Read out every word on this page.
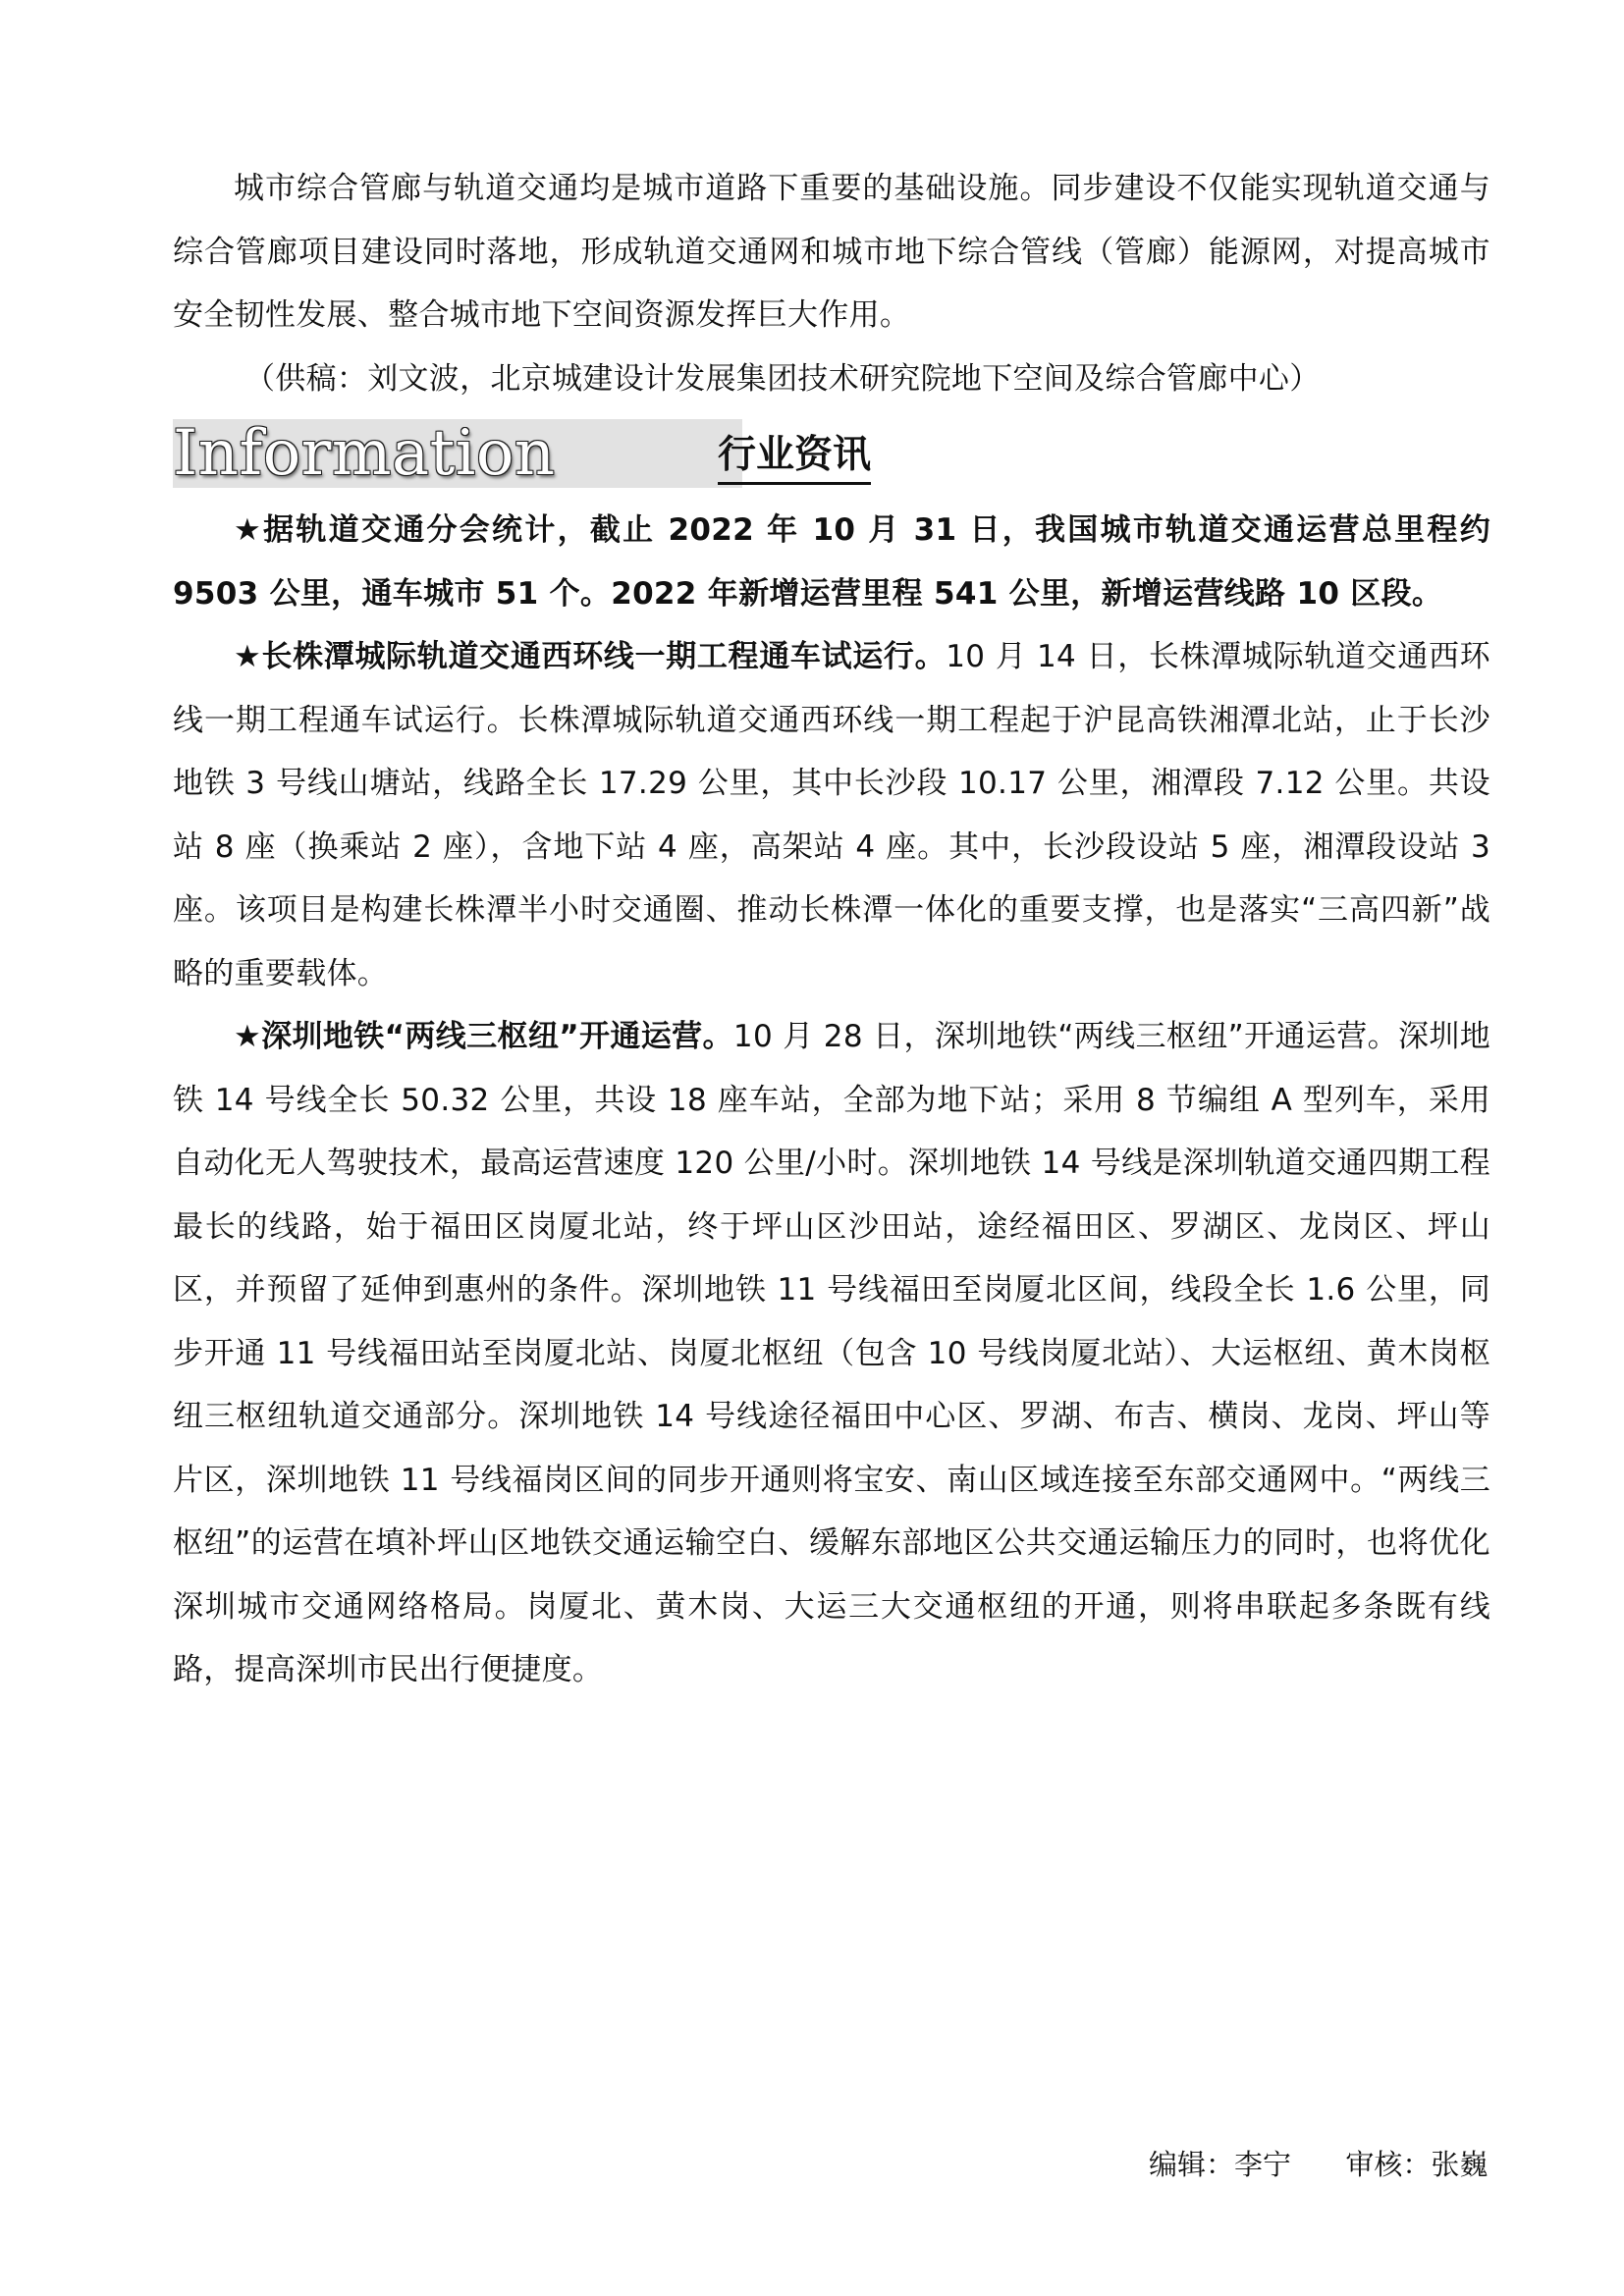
城市综合管廊与轨道交通均是城市道路下重要的基础设施。同步建设不仅能实现轨道交通与综合管廊项目建设同时落地，形成轨道交通网和城市地下综合管线（管廊）能源网，对提高城市安全韧性发展、整合城市地下空间资源发挥巨大作用。

（供稿：刘文波，北京城建设计发展集团技术研究院地下空间及综合管廊中心）

Information	行业资讯

★据轨道交通分会统计，截止 2022 年 10 月 31 日，我国城市轨道交通运营总里程约 9503 公里，通车城市 51 个。2022 年新增运营里程 541 公里，新增运营线路 10 区段。

★长株潭城际轨道交通西环线一期工程通车试运行。10 月 14 日，长株潭城际轨道交通西环线一期工程通车试运行。长株潭城际轨道交通西环线一期工程起于沪昆高铁湘潭北站，止于长沙地铁 3 号线山塘站，线路全长 17.29 公里，其中长沙段 10.17 公里，湘潭段 7.12 公里。共设站 8 座（换乘站 2 座），含地下站 4 座，高架站 4 座。其中，长沙段设站 5 座，湘潭段设站 3 座。该项目是构建长株潭半小时交通圈、推动长株潭一体化的重要支撑，也是落实“三高四新”战略的重要载体。

★深圳地铁“两线三枢纽”开通运营。10 月 28 日，深圳地铁“两线三枢纽”开通运营。深圳地铁 14 号线全长 50.32 公里，共设 18 座车站，全部为地下站；采用 8 节编组 A 型列车，采用自动化无人驾驶技术，最高运营速度 120 公里/小时。深圳地铁 14 号线是深圳轨道交通四期工程最长的线路，始于福田区岗厦北站，终于坪山区沙田站，途经福田区、罗湖区、龙岗区、坪山区，并预留了延伸到惠州的条件。深圳地铁 11 号线福田至岗厦北区间，线段全长 1.6 公里，同步开通 11 号线福田站至岗厦北站、岗厦北枢纽（包含 10 号线岗厦北站）、大运枢纽、黄木岗枢纽三枢纽轨道交通部分。深圳地铁 14 号线途径福田中心区、罗湖、布吉、横岗、龙岗、坪山等片区，深圳地铁 11 号线福岗区间的同步开通则将宝安、南山区域连接至东部交通网中。“两线三枢纽”的运营在填补坪山区地铁交通运输空白、缓解东部地区公共交通运输压力的同时，也将优化深圳城市交通网络格局。岗厦北、黄木岗、大运三大交通枢纽的开通，则将串联起多条既有线路，提高深圳市民出行便捷度。

编辑：李宁 审核：张巍
